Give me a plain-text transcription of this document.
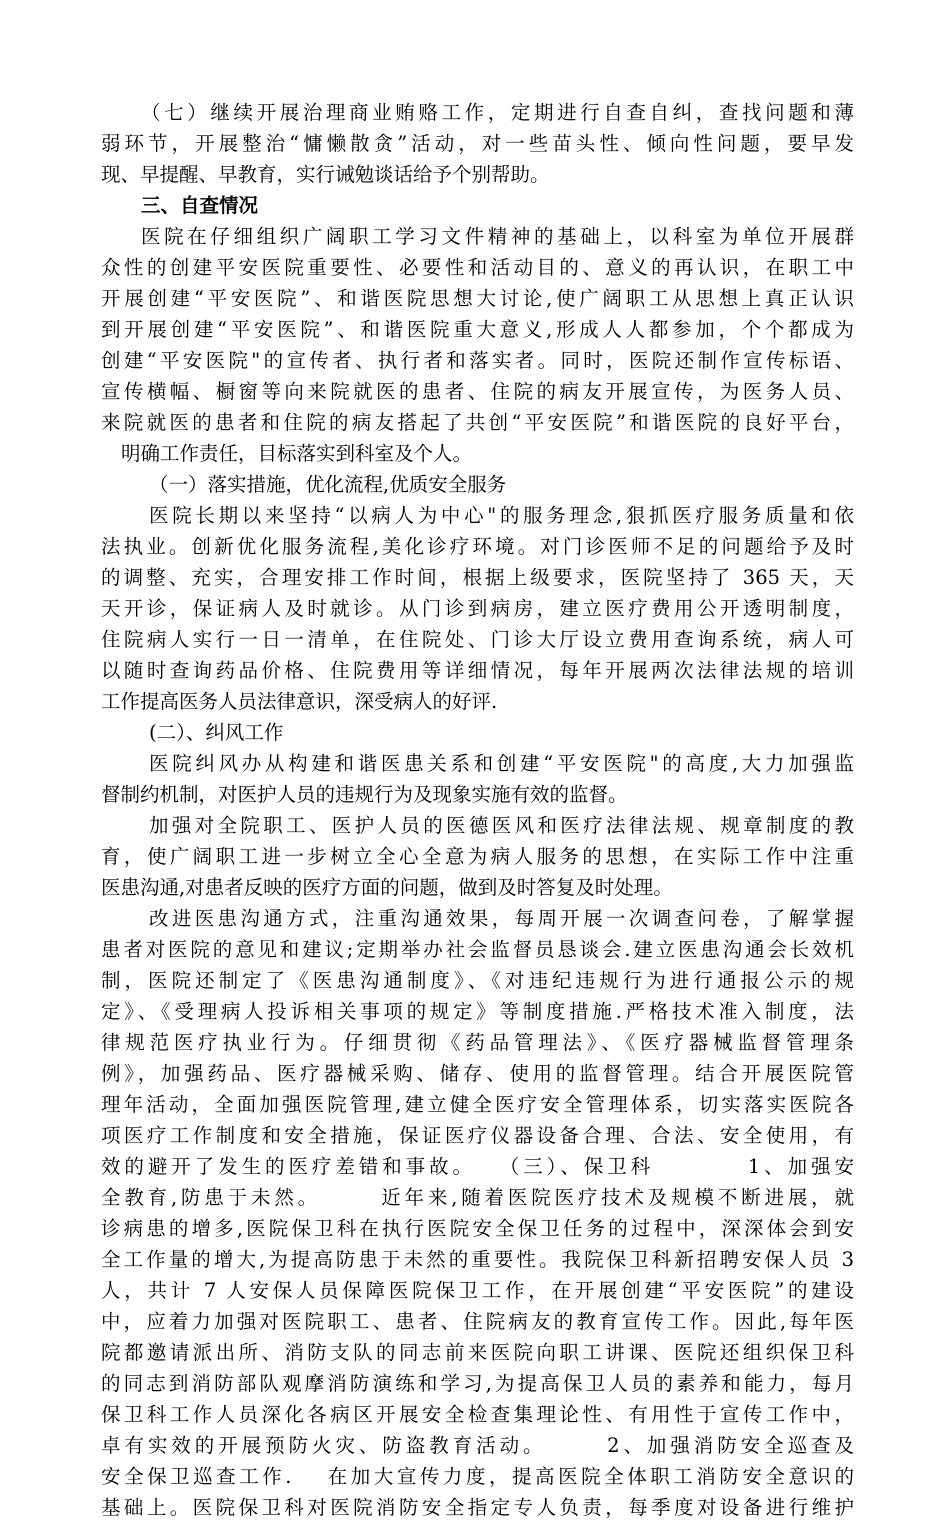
（七）继续开展治理商业贿赂工作，定期进行自查自纠，查找问题和薄
弱环节，开展整治“慵懒散贪”活动，对一些苗头性、倾向性问题，要早发
现、早提醒、早教育，实行诫勉谈话给予个别帮助。
三、自查情况
医院在仔细组织广阔职工学习文件精神的基础上，以科室为单位开展群
众性的创建平安医院重要性、必要性和活动目的、意义的再认识，在职工中
开展创建“平安医院”、和谐医院思想大讨论,使广阔职工从思想上真正认识
到开展创建“平安医院”、和谐医院重大意义,形成人人都参加，个个都成为
创建“平安医院"的宣传者、执行者和落实者。同时，医院还制作宣传标语、
宣传横幅、橱窗等向来院就医的患者、住院的病友开展宣传，为医务人员、
来院就医的患者和住院的病友搭起了共创“平安医院”和谐医院的良好平台，
明确工作责任，目标落实到科室及个人。
（一）落实措施，优化流程,优质安全服务
医院长期以来坚持“以病人为中心"的服务理念,狠抓医疗服务质量和依
法执业。创新优化服务流程,美化诊疗环境。对门诊医师不足的问题给予及时
的调整、充实，合理安排工作时间，根据上级要求，医院坚持了 365 天，天
天开诊，保证病人及时就诊。从门诊到病房，建立医疗费用公开透明制度，
住院病人实行一日一清单，在住院处、门诊大厅设立费用查询系统，病人可
以随时查询药品价格、住院费用等详细情况，每年开展两次法律法规的培训
工作提高医务人员法律意识，深受病人的好评.
(二）、纠风工作
医院纠风办从构建和谐医患关系和创建“平安医院"的高度,大力加强监
督制约机制，对医护人员的违规行为及现象实施有效的监督。
加强对全院职工、医护人员的医德医风和医疗法律法规、规章制度的教
育，使广阔职工进一步树立全心全意为病人服务的思想，在实际工作中注重
医患沟通,对患者反映的医疗方面的问题，做到及时答复及时处理。
改进医患沟通方式，注重沟通效果，每周开展一次调查问卷，了解掌握
患者对医院的意见和建议;定期举办社会监督员恳谈会.建立医患沟通会长效机
制，医院还制定了《医患沟通制度》、《对违纪违规行为进行通报公示的规
定》、《受理病人投诉相关事项的规定》等制度措施.严格技术准入制度，法
律规范医疗执业行为。仔细贯彻《药品管理法》、《医疗器械监督管理条
例》，加强药品、医疗器械采购、储存、使用的监督管理。结合开展医院管
理年活动，全面加强医院管理,建立健全医疗安全管理体系，切实落实医院各
项医疗工作制度和安全措施，保证医疗仪器设备合理、合法、安全使用，有
效的避开了发生的医疗差错和事故。　 （三）、保卫科　　　　1、加强安
全教育,防患于未然。　　　近年来,随着医院医疗技术及规模不断进展，就
诊病患的增多,医院保卫科在执行医院安全保卫任务的过程中，深深体会到安
全工作量的增大,为提高防患于未然的重要性。我院保卫科新招聘安保人员 3
人，共计 7 人安保人员保障医院保卫工作，在开展创建“平安医院”的建设
中，应着力加强对医院职工、患者、住院病友的教育宣传工作。因此,每年医
院都邀请派出所、消防支队的同志前来医院向职工讲课、医院还组织保卫科
的同志到消防部队观摩消防演练和学习,为提高保卫人员的素养和能力，每月
保卫科工作人员深化各病区开展安全检查集理论性、有用性于宣传工作中，
卓有实效的开展预防火灾、防盗教育活动。　　　2、加强消防安全巡查及
安全保卫巡查工作.　 在加大宣传力度，提高医院全体职工消防安全意识的
基础上。医院保卫科对医院消防安全指定专人负责，每季度对设备进行维护
